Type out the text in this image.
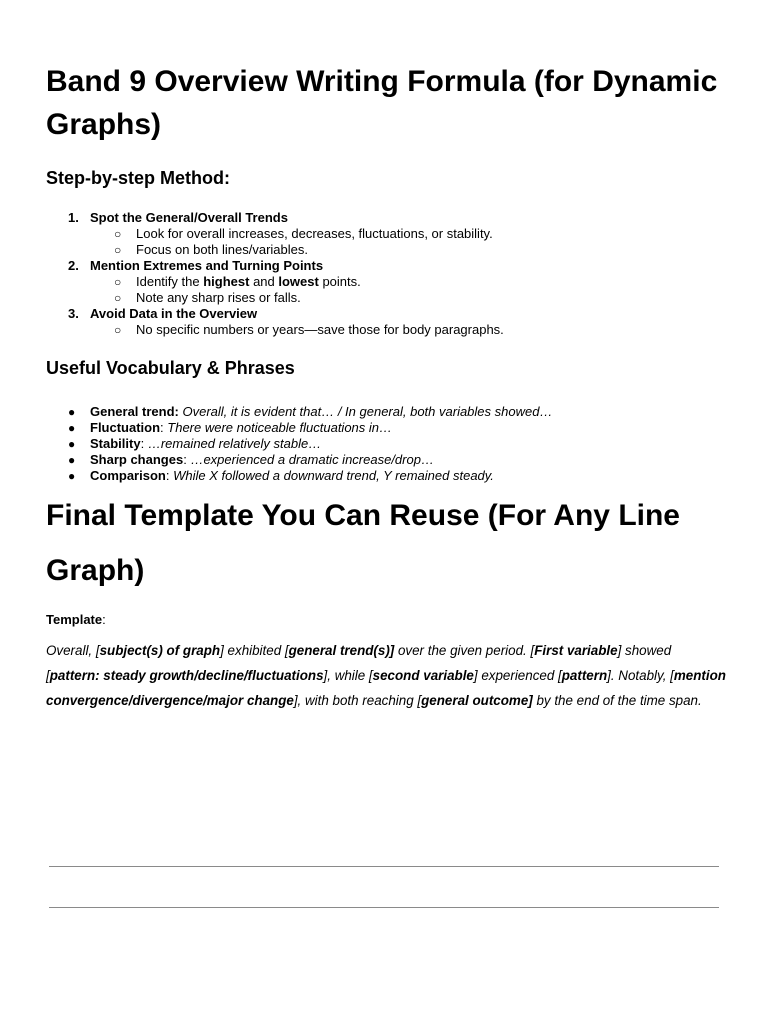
Band 9 Overview Writing Formula (for Dynamic Graphs)
Step-by-step Method:
1. Spot the General/Overall Trends
○ Look for overall increases, decreases, fluctuations, or stability.
○ Focus on both lines/variables.
2. Mention Extremes and Turning Points
○ Identify the highest and lowest points.
○ Note any sharp rises or falls.
3. Avoid Data in the Overview
○ No specific numbers or years—save those for body paragraphs.
Useful Vocabulary & Phrases
● General trend: Overall, it is evident that… / In general, both variables showed…
● Fluctuation: There were noticeable fluctuations in…
● Stability: …remained relatively stable…
● Sharp changes: …experienced a dramatic increase/drop…
● Comparison: While X followed a downward trend, Y remained steady.
Final Template You Can Reuse (For Any Line Graph)
Template:
Overall, [subject(s) of graph] exhibited [general trend(s)] over the given period. [First variable] showed [pattern: steady growth/decline/fluctuations], while [second variable] experienced [pattern]. Notably, [mention convergence/divergence/major change], with both reaching [general outcome] by the end of the time span.
